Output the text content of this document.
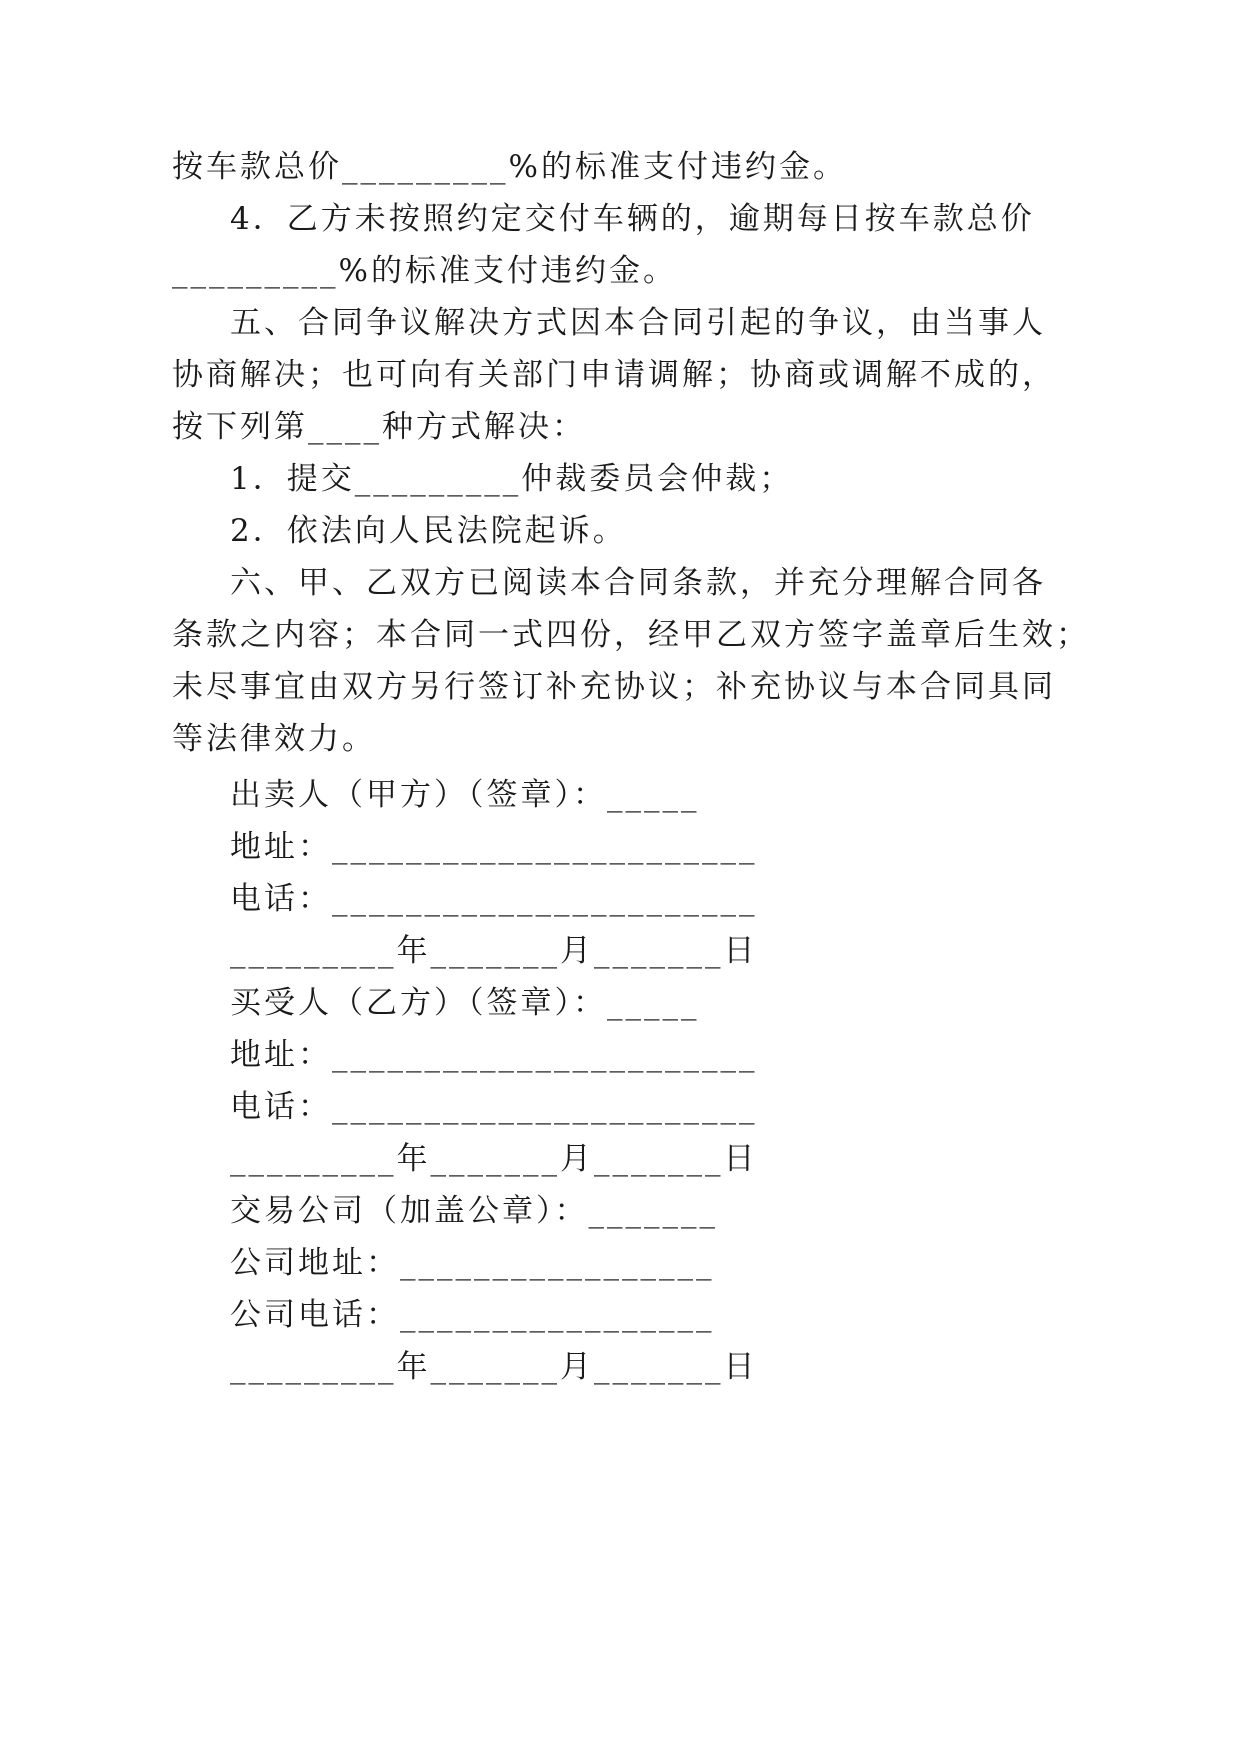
按车款总价_________%的标准支付违约金。
4．乙方未按照约定交付车辆的，逾期每日按车款总价
_________%的标准支付违约金。
五、合同争议解决方式因本合同引起的争议，由当事人
协商解决；也可向有关部门申请调解；协商或调解不成的，
按下列第____种方式解决：
1．提交_________仲裁委员会仲裁；
2．依法向人民法院起诉。
六、甲、乙双方已阅读本合同条款，并充分理解合同各
条款之内容；本合同一式四份，经甲乙双方签字盖章后生效；
未尽事宜由双方另行签订补充协议；补充协议与本合同具同
等法律效力。
出卖人（甲方）（签章）：_____
地址：_______________________
电话：_______________________
_________年_______月_______日
买受人（乙方）（签章）：_____
地址：_______________________
电话：_______________________
_________年_______月_______日
交易公司（加盖公章）：_______
公司地址：_________________
公司电话：_________________
_________年_______月_______日
